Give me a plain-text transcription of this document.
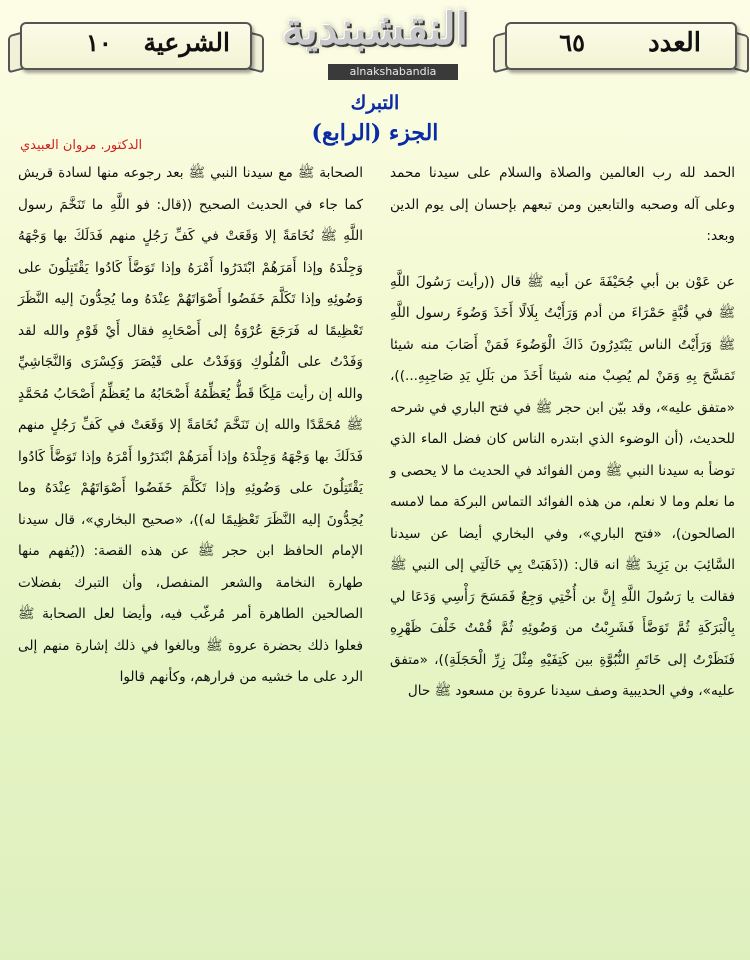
العدد
٦٥
النقشبندية
alnakshabandia
الشرعية
١٠
التبرك
الجزء (الرابع)
الدكتور. مروان العبيدي

الحمد لله رب العالمين والصلاة والسلام على سيدنا محمد وعلى آله وصحبه والتابعين ومن تبعهم بإحسان إلى يوم الدين وبعد:

عن عَوْن بن أبي جُحَيْفَةَ عن أبيه ﷺ قال ((رأيت رَسُولَ اللَّهِ ﷺ في قُبَّةٍ حَمْرَاءَ من أدم وَرَأَيْتُ بِلَالًا أَخَذَ وَضُوءَ رسول اللَّهِ ﷺ وَرَأَيْتُ الناس يَبْتَدِرُونَ ذَاكَ الْوَضُوءَ فَمَنْ أَصَابَ منه شيئا تَمَسَّحَ بِهِ وَمَنْ لم يُصِبْ منه شيئا أَخَذَ من بَلَلِ يَدِ صَاحِبِهِ...))، «متفق عليه»، وقد بيّن ابن حجر ﷺ في فتح الباري في شرحه للحديث، (أن الوضوء الذي ابتدره الناس كان فضل الماء الذي توضأ به سيدنا النبي ﷺ ومن الفوائد في الحديث ما لا يحصى و ما نعلم وما لا نعلم، من هذه الفوائد التماس البركة مما لامسه الصالحون)، «فتح الباري»، وفي البخاري أيضا عن سيدنا السَّائِبَ بن يَزِيدَ ﷺ انه قال: ((ذَهَبَتْ بِي خَالَتِي إلى النبي ﷺ فقالت يا رَسُولَ اللَّهِ إِنَّ بن أُخْتِي وَجِعٌ فَمَسَحَ رَأْسِي وَدَعَا لي بِالْبَرَكَةِ ثُمَّ تَوَضَّأَ فَشَرِبْتُ من وَضُوئِهِ ثُمَّ قُمْتُ خَلْفَ ظَهْرِهِ فَنَظَرْتُ إلى خَاتَمِ النُّبُوَّةِ بين كَتِفَيْهِ مِثْلَ زِرِّ الْحَجَلَةِ))، «متفق عليه»، وفي الحديبية وصف سيدنا عروة بن مسعود ﷺ حال

الصحابة ﷺ مع سيدنا النبي ﷺ بعد رجوعه منها لسادة قريش كما جاء في الحديث الصحيح ((قال: فو اللَّهِ ما تَنَخَّمَ رسول اللَّهِ ﷺ نُخَامَةً إلا وَقَعَتْ في كَفِّ رَجُلٍ منهم فَدَلَكَ بها وَجْهَهُ وَجِلْدَهُ وإذا أَمَرَهُمْ ابْتَدَرُوا أَمْرَهُ وإذا تَوَضَّأَ كَادُوا يَقْتَتِلُونَ على وَضُوئِهِ وإذا تَكَلَّمَ خَفَضُوا أَصْوَاتَهُمْ عِنْدَهُ وما يُحِدُّونَ إليه النَّظَرَ تَعْظِيمًا له فَرَجَعَ عُرْوَةُ إلى أَصْحَابِهِ فقال أَيْ قَوْمِ والله لقد وَفَدْتُ على الْمُلُوكِ وَوَفَدْتُ على قَيْصَرَ وَكِسْرَى وَالنَّجَاشِيِّ والله إن رأيت مَلِكًا قَطُّ يُعَظِّمُهُ أَصْحَابُهُ ما يُعَظِّمُ أَصْحَابُ مُحَمَّدٍ ﷺ مُحَمَّدًا والله إن تَنَخَّمَ نُخَامَةً إلا وَقَعَتْ في كَفِّ رَجُلٍ منهم فَدَلَكَ بها وَجْهَهُ وَجِلْدَهُ وإذا أَمَرَهُمْ ابْتَدَرُوا أَمْرَهُ وإذا تَوَضَّأَ كَادُوا يَقْتَتِلُونَ على وَضُوئِهِ وإذا تَكَلَّمَ خَفَضُوا أَصْوَاتَهُمْ عِنْدَهُ وما يُحِدُّونَ إليه النَّظَرَ تَعْظِيمًا له))، «صحيح البخاري»، قال سيدنا الإمام الحافظ ابن حجر ﷺ عن هذه القصة: ((يُفهم منها طهارة النخامة والشعر المنفصل، وأن التبرك بفضلات الصالحين الطاهرة أمر مُرغّب فيه، وأيضا لعل الصحابة ﷺ فعلوا ذلك بحضرة عروة ﷺ وبالغوا في ذلك إشارة منهم إلى الرد على ما خشيه من فرارهم، وكأنهم قالوا
